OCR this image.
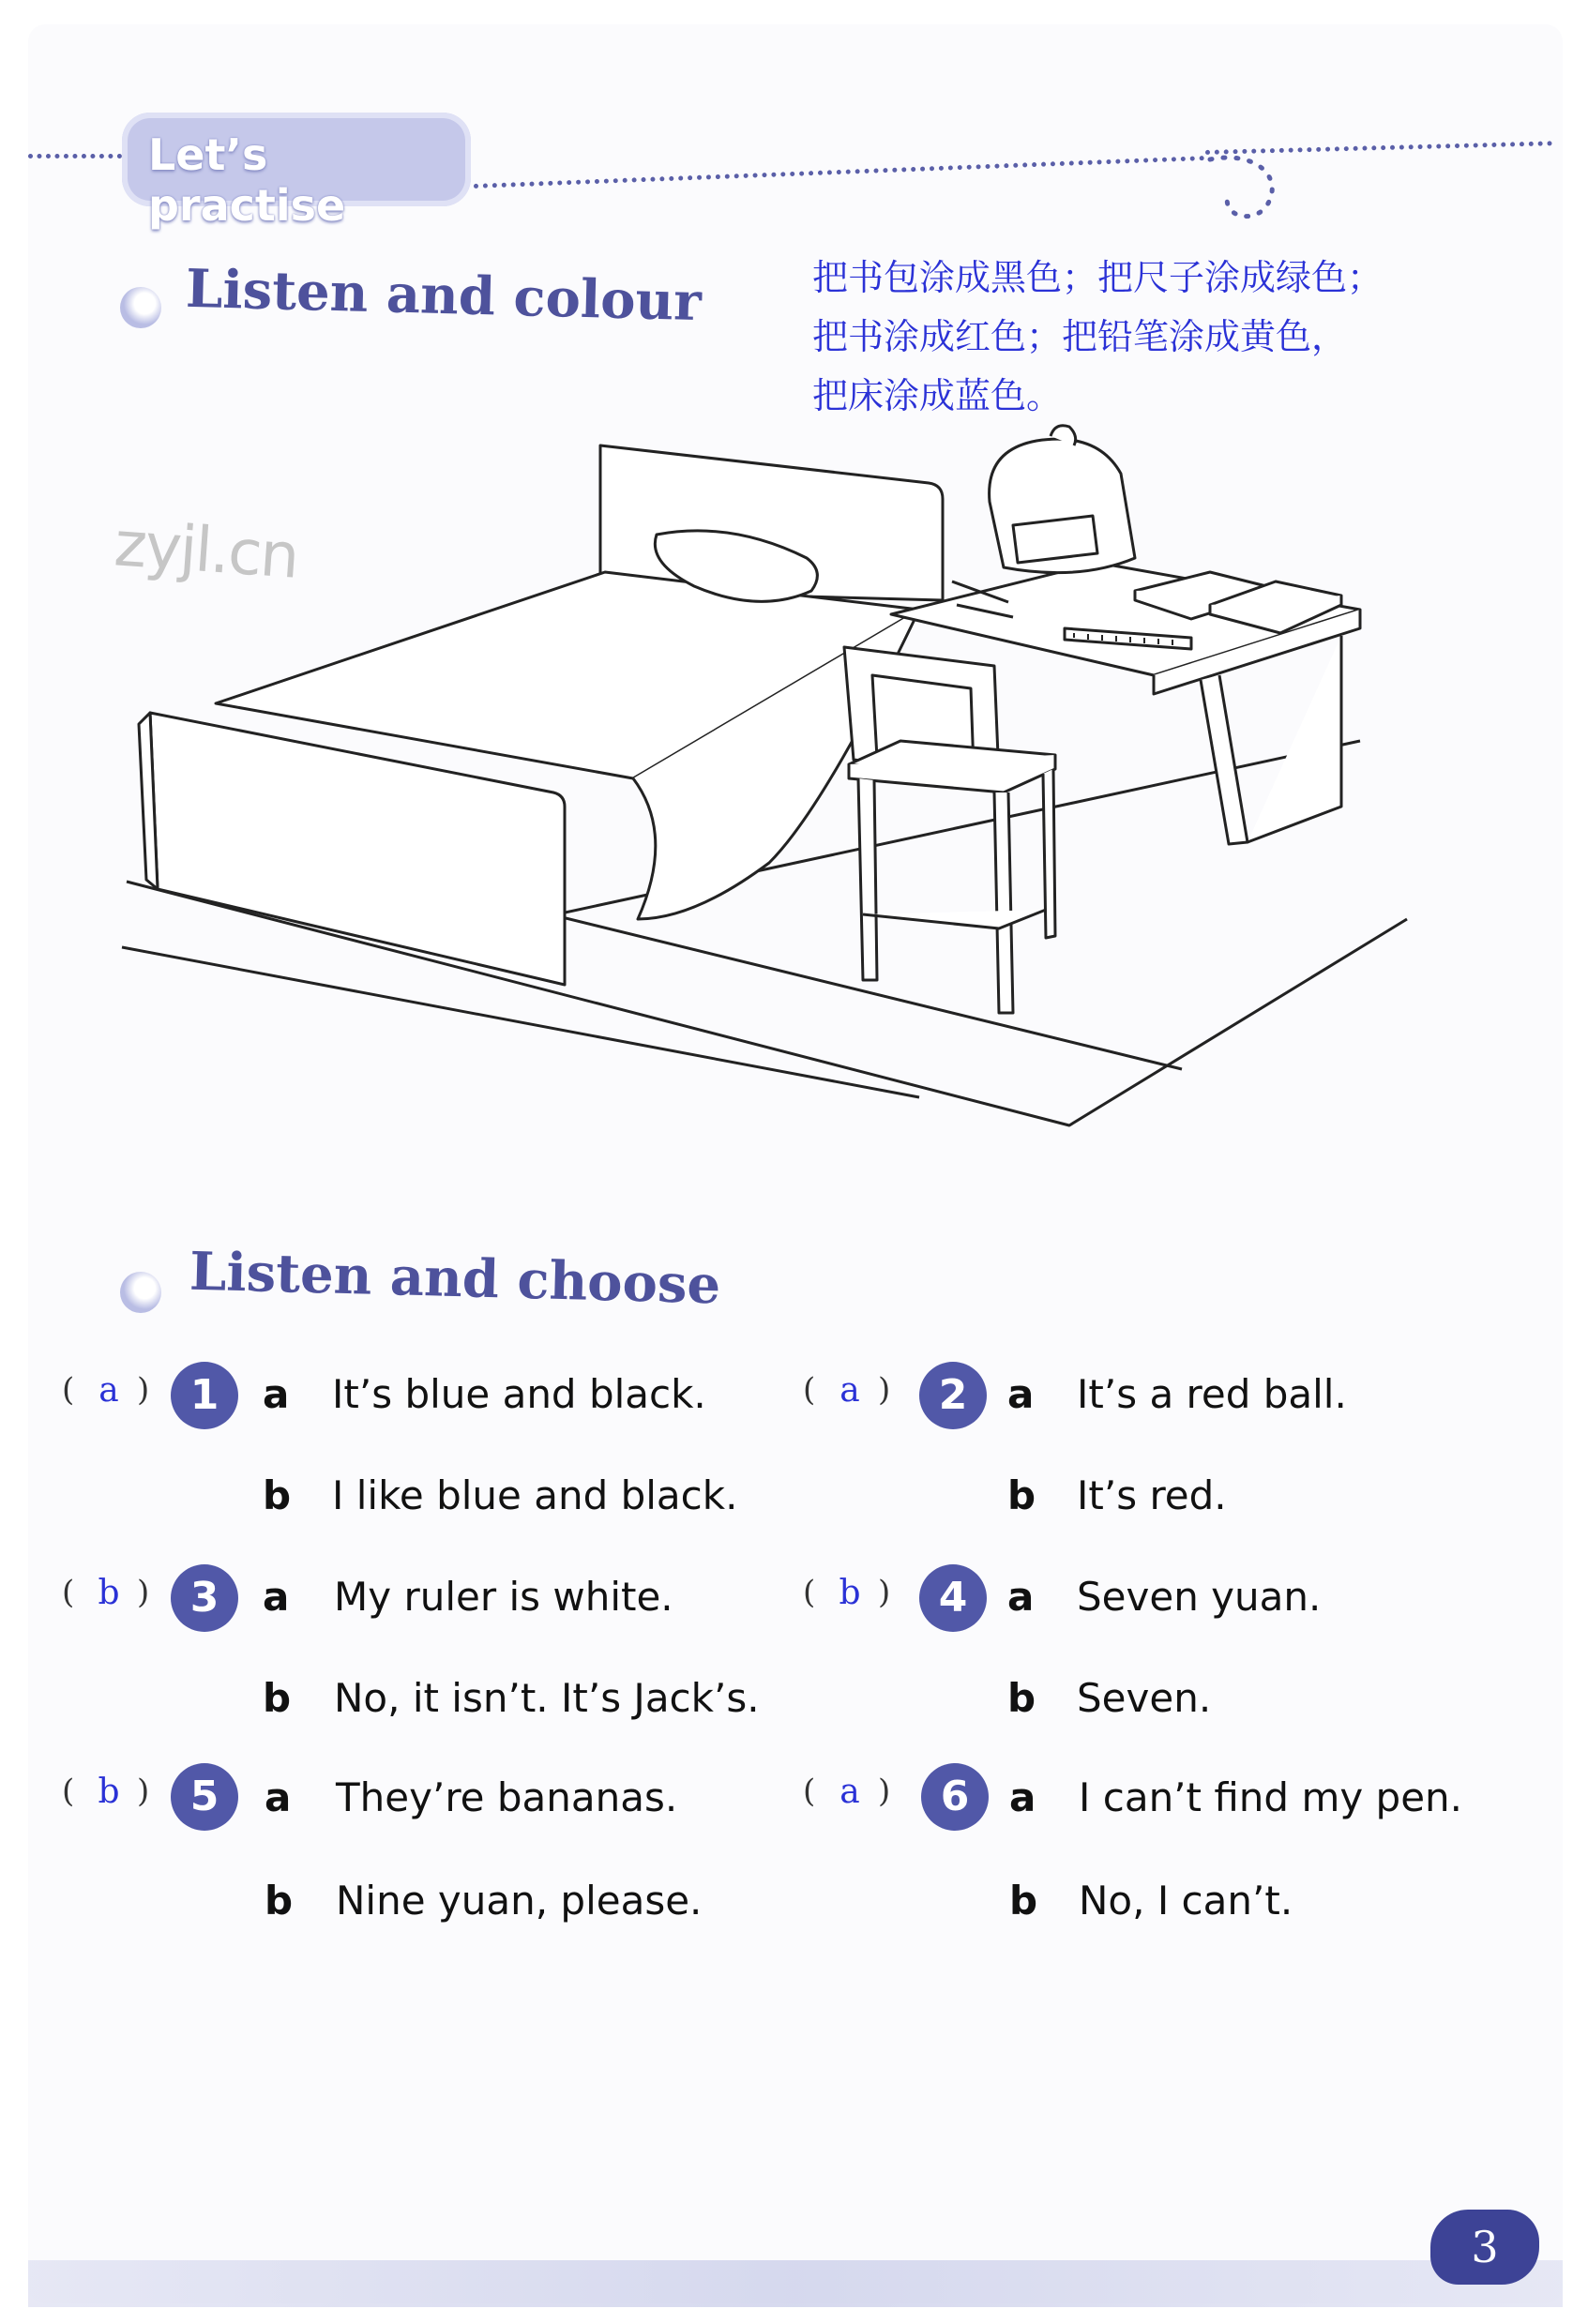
Let’s practise
Listen and colour	把书包涂成黑色；把尺子涂成绿色；
把书涂成红色；把铅笔涂成黄色，
把床涂成蓝色。
zyjl.cn
Listen and choose
( a ) 1	a It’s blue and black.
b I like blue and black.
( a )	2	a It’s a red ball.
b It’s red.
( b ) 3	a My ruler is white.
b No, it isn’t. It’s Jack’s.
( b )	4	a Seven yuan.
b Seven.
( b ) 5	a They’re bananas.
b Nine yuan, please.
( a )	6	a I can’t find my pen.
b No, I can’t.
3
